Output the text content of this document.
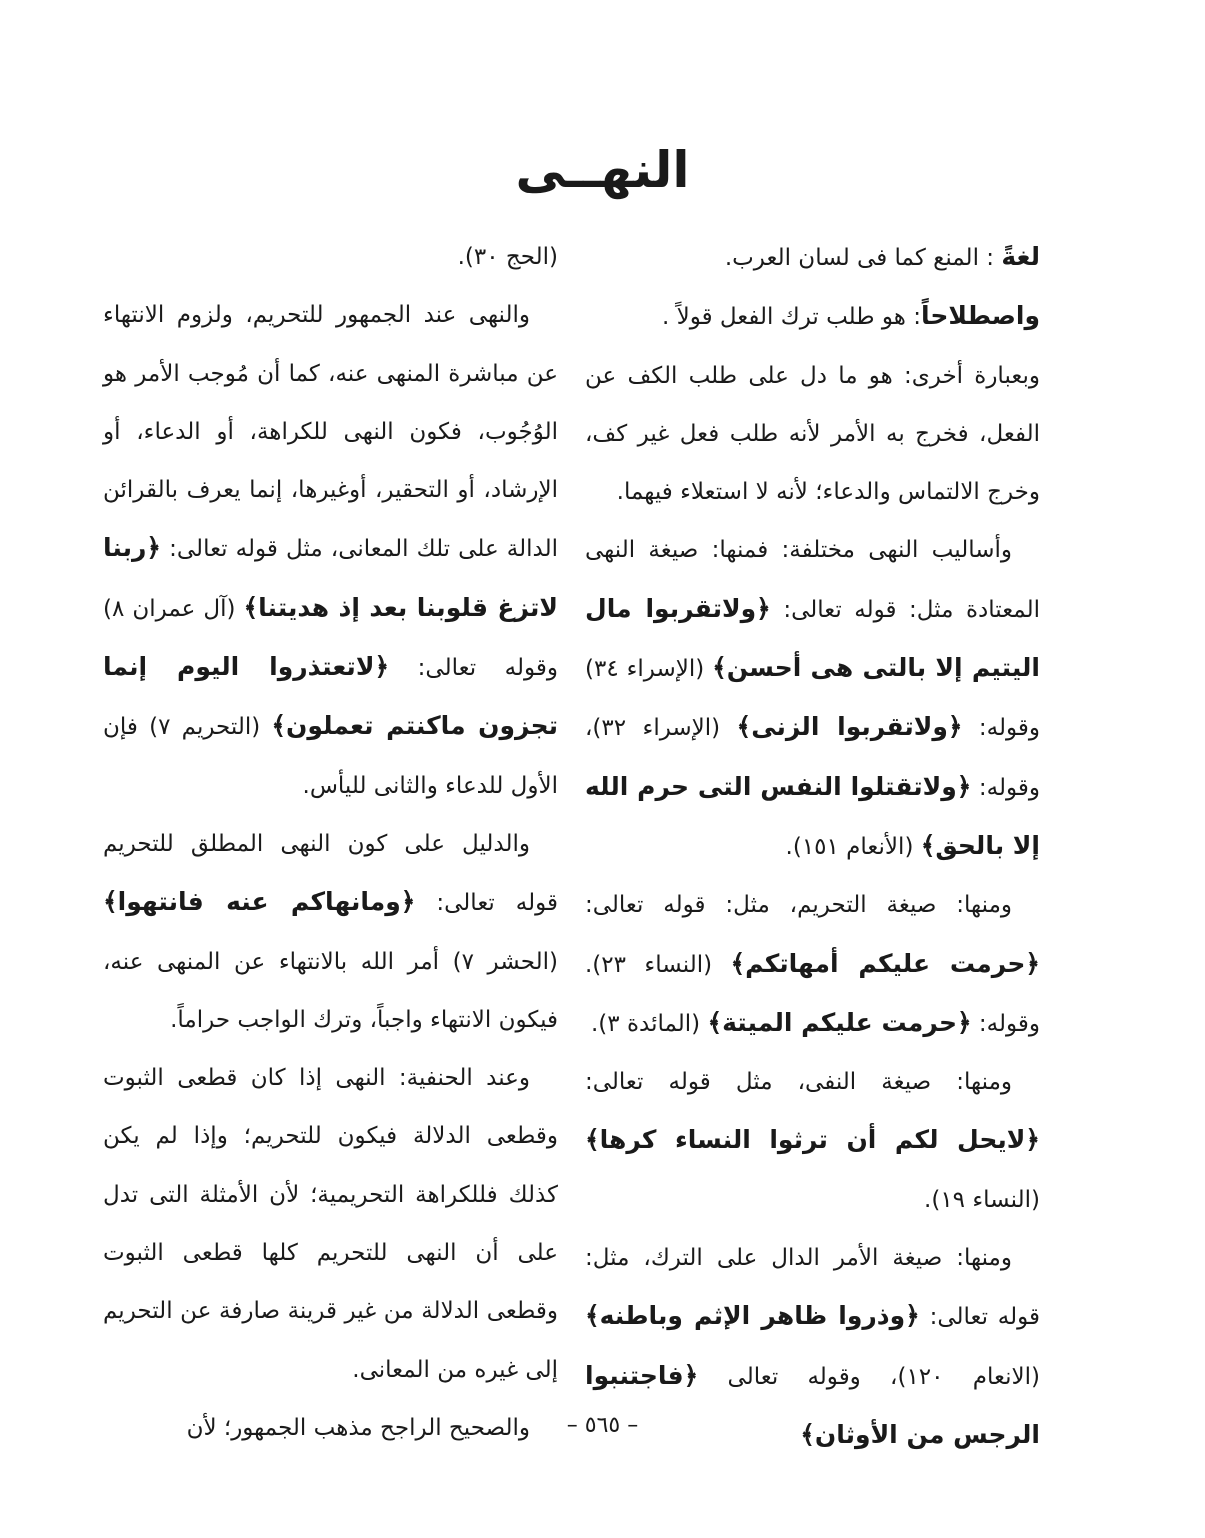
النهــى

لغةً : المنع كما فى لسان العرب.

واصطلاحاً: هو طلب ترك الفعل قولاً .

وبعبارة أخرى: هو ما دل على طلب الكف عن الفعل، فخرج به الأمر لأنه طلب فعل غير كف، وخرج الالتماس والدعاء؛ لأنه لا استعلاء فيهما.

وأساليب النهى مختلفة: فمنها: صيغة النهى المعتادة مثل: قوله تعالى: ﴿ولاتقربوا مال اليتيم إلا بالتى هى أحسن﴾ (الإسراء ٣٤) وقوله: ﴿ولاتقربوا الزنى﴾ (الإسراء ٣٢)، وقوله: ﴿ولاتقتلوا النفس التى حرم الله إلا بالحق﴾ (الأنعام ١٥١).

ومنها: صيغة التحريم، مثل: قوله تعالى: ﴿حرمت عليكم أمهاتكم﴾ (النساء ٢٣). وقوله: ﴿حرمت عليكم الميتة﴾ (المائدة ٣).

ومنها: صيغة النفى، مثل قوله تعالى: ﴿لايحل لكم أن ترثوا النساء كرها﴾ (النساء ١٩).

ومنها: صيغة الأمر الدال على الترك، مثل: قوله تعالى: ﴿وذروا ظاهر الإثم وباطنه﴾ (الانعام ١٢٠)، وقوله تعالى ﴿فاجتنبوا الرجس من الأوثان﴾

(الحج ٣٠).

والنهى عند الجمهور للتحريم، ولزوم الانتهاء عن مباشرة المنهى عنه، كما أن مُوجب الأمر هو الوُجُوب، فكون النهى للكراهة، أو الدعاء، أو الإرشاد، أو التحقير، أوغيرها، إنما يعرف بالقرائن الدالة على تلك المعانى، مثل قوله تعالى: ﴿ربنا لاتزغ قلوبنا بعد إذ هديتنا﴾ (آل عمران ٨) وقوله تعالى: ﴿لاتعتذروا اليوم إنما تجزون ماكنتم تعملون﴾ (التحريم ٧) فإن الأول للدعاء والثانى لليأس.

والدليل على كون النهى المطلق للتحريم قوله تعالى: ﴿ومانهاكم عنه فانتهوا﴾ (الحشر ٧) أمر الله بالانتهاء عن المنهى عنه، فيكون الانتهاء واجباً، وترك الواجب حراماً.

وعند الحنفية: النهى إذا كان قطعى الثبوت وقطعى الدلالة فيكون للتحريم؛ وإذا لم يكن كذلك فللكراهة التحريمية؛ لأن الأمثلة التى تدل على أن النهى للتحريم كلها قطعى الثبوت وقطعى الدلالة من غير قرينة صارفة عن التحريم إلى غيره من المعانى.

والصحيح الراجح مذهب الجمهور؛ لأن	– ٥٦٥ –
